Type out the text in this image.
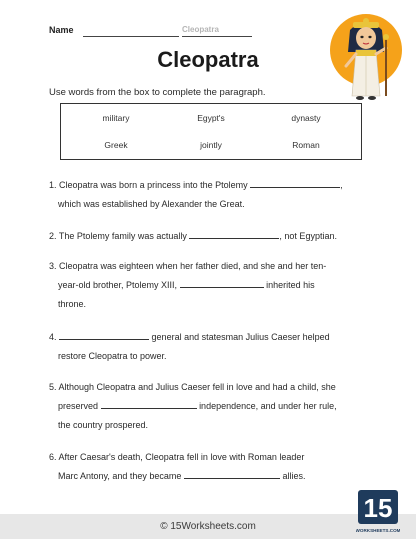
Name	Cleopatra
Cleopatra
Use words from the box to complete the paragraph.
military	Egypt's	dynasty
Greek	jointly	Roman
1. Cleopatra was born a princess into the Ptolemy	,
which was established by Alexander the Great.
2. The Ptolemy family was actually	, not Egyptian.
3. Cleopatra was eighteen when her father died, and she and her ten-
year-old brother, Ptolemy XIII,	inherited his
throne.
4.	general and statesman Julius Caeser helped
restore Cleopatra to power.
5. Although Cleopatra and Julius Caeser fell in love and had a child, she
preserved	independence, and under her rule,
the country prospered.
6. After Caesar's death, Cleopatra fell in love with Roman leader
Marc Antony, and they became	allies.
© 15Worksheets.com
15
WORKSHEETS.COM
